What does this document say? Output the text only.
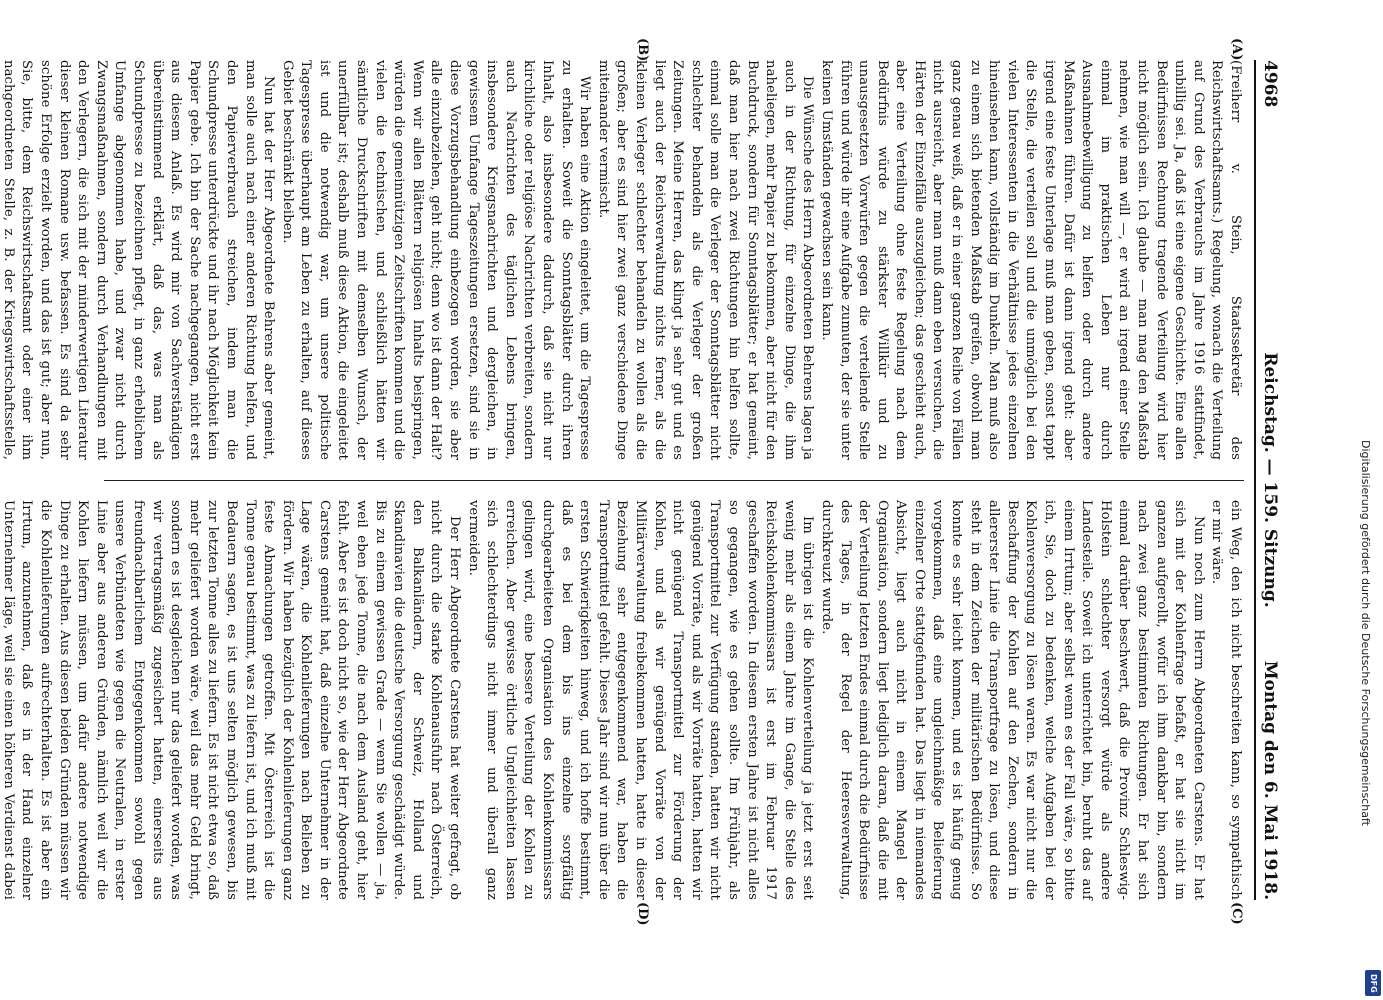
4968
Reichstag. — 159. Sitzung.
Montag den 6. Mai 1918.
(A)
(B)

(Freiherr v. Stein, Staatssekretär des Reichswirtschaftsamts.) Regelung, wonach die Verteilung auf Grund des Verbrauchs im Jahre 1916 stattfindet, unbillig sei. Ja, daß ist eine eigene Geschichte. Eine allen Bedürfnissen Rechnung tragende Verteilung wird hier nicht möglich sein. Ich glaube — man mag den Maßstab nehmen, wie man will —, er wird an irgend einer Stelle einmal im praktischen Leben nur durch Ausnahmebewilligung zu helfen oder durch andere Maßnahmen führen. Dafür ist dann irgend geht: aber irgend eine feste Unterlage muß man geben, sonst tappt die Stelle, die verteilen soll und die unmöglich bei den vielen Interessenten in die Verhältnisse jedes einzelnen hineinsehen kann, vollständig im Dunkeln. Man muß also zu einem sich bietenden Maßstab greifen, obwohl man ganz genau weiß, daß er in einer ganzen Reihe von Fällen nicht ausreicht, aber man muß dann eben versuchen, die Härten der Einzelfälle auszugleichen; das geschieht auch, aber eine Verteilung ohne feste Regelung nach dem Bedürfnis würde zu stärkster Willkür und zu unausgesetzten Vorwürfen gegen die verteilende Stelle führen und würde ihr eine Aufgabe zumuten, der sie unter keinen Umständen gewachsen sein kann.

Die Wünsche des Herrn Abgeordneten Behrens lagen ja auch in der Richtung, für einzelne Dinge, die ihm naheliegen, mehr Papier zu bekommen, aber nicht für den Buchdruck, sondern für Sonntagsblätter; er hat gemeint, daß man hier nach zwei Richtungen hin helfen sollte, einmal solle man die Verleger der Sonntagsblätter nicht schlechter behandeln als die Verleger der großen Zeitungen. Meine Herren, das klingt ja sehr gut und es liegt auch der Reichsverwaltung nichts ferner, als die kleinen Verleger schlechter behandeln zu wollen als die großen; aber es sind hier zwei ganz verschiedene Dinge miteinander vermischt.

Wir haben eine Aktion eingeleitet, um die Tagespresse zu erhalten. Soweit die Sonntagsblätter durch ihren Inhalt, also insbesondere dadurch, daß sie nicht nur kirchliche oder religiöse Nachrichten verbreiten, sondern auch Nachrichten des täglichen Lebens bringen, insbesondere Kriegsnachrichten und dergleichen, in gewissem Umfange Tageszeitungen ersetzen, sind sie in diese Vorzugsbehandlung einbezogen worden, sie aber alle einzubeziehen, geht nicht; denn wo ist dann der Halt? Wenn wir allen Blättern religiösen Inhalts beispringen, würden die gemeinnützigen Zeitschriften kommen und die vielen die technischen, und schließlich hätten wir sämtliche Druckschriften mit demselben Wunsch, der unerfüllbar ist; deshalb muß diese Aktion, die eingeleitet ist und die notwendig war, um unsere politische Tagespresse überhaupt am Leben zu erhalten, auf dieses Gebiet beschränkt bleiben.

Nun hat der Herr Abgeordnete Behrens aber gemeint, man solle auch nach einer anderen Richtung helfen, und den Papierverbrauch streichen, indem man die Schundpresse unterdrückte und ihr nach Möglichkeit kein Papier gebe. Ich bin der Sache nachgegangen, nicht erst aus diesem Anlaß. Es wird mir von Sachverständigen übereinstimmend erklärt, daß das, was man als Schundpresse zu bezeichnen pflegt, in ganz erheblichem Umfange abgenommen habe, und zwar nicht durch Zwangsmaßnahmen, sondern durch Verhandlungen mit den Verlegern, die sich mit der minderwertigen Literatur dieser kleinen Romane usw. befassen. Es sind da sehr schöne Erfolge erzielt worden, und das ist gut; aber nun, Sie, bitte, dem Reichswirtschaftsamt oder einer ihm nachgeordneten Stelle, z. B. der Kriegswirtschaftsstelle,

(C)
(D)

ein Weg, den ich nicht beschreiten kann, so sympathisch er mir wäre.

Nun noch zum Herrn Abgeordneten Carstens. Er hat sich mit der Kohlenfrage befaßt, er hat sie nicht im ganzen aufgerollt, wofür ich ihm dankbar bin, sondern nach zwei ganz bestimmten Richtungen. Er hat sich einmal darüber beschwert, daß die Provinz Schleswig-Holstein schlechter versorgt würde als andere Landesteile. Soweit ich unterrichtet bin, beruht das auf einem Irrtum; aber selbst wenn es der Fall wäre, so bitte ich, Sie, doch zu bedenken, welche Aufgaben bei der Kohlenversorgung zu lösen waren. Es war nicht nur die Beschaffung der Kohlen auf den Zechen, sondern in allererster Linie die Transportfrage zu lösen, und diese steht in dem Zeichen der militärischen Bedürfnisse. So konnte es sehr leicht kommen, und es ist häufig genug vorgekommen, daß eine ungleichmäßige Belieferung einzelner Orte stattgefunden hat. Das liegt in niemandes Absicht, liegt auch nicht in einem Mangel der Organisation, sondern liegt lediglich daran, daß die mit der Verteilung letzten Endes einmal durch die Bedürfnisse des Tages, in der Regel der Heeresverwaltung, durchkreuzt wurde.

Im übrigen ist die Kohlenverteilung ja jetzt erst seit wenig mehr als einem Jahre im Gange, die Stelle des Reichskohlenkommissars ist erst im Februar 1917 geschaffen worden. In diesem ersten Jahre ist nicht alles so gegangen, wie es gehen sollte. Im Frühjahr, als Transportmittel zur Verfügung standen, hatten wir nicht genügend Vorräte, und als wir Vorräte hatten, hatten wir nicht genügend Transportmittel zur Förderung der Kohlen, und als wir genügend Vorräte von der Militärverwaltung freibekommen hatten, hatte in dieser Beziehung sehr entgegenkommend war, haben die Transportmittel gefehlt. Dieses Jahr sind wir nun über die ersten Schwierigkeiten hinweg, und ich hoffe bestimmt, daß es bei dem bis ins einzelne sorgfältig durchgearbeiteten Organisation des Kohlenkommissars gelingen wird, eine bessere Verteilung der Kohlen zu erreichen. Aber gewisse örtliche Ungleichheiten lassen sich schlechterdings nicht immer und überall ganz vermeiden.

Der Herr Abgeordnete Carstens hat weiter gefragt, ob nicht durch die starke Kohlenausfuhr nach Österreich, den Balkanländern, der Schweiz, Holland und Skandinavien die deutsche Versorgung geschädigt würde. Bis zu einem gewissen Grade — wenn Sie wollen — ja, weil eben jede Tonne, die nach dem Ausland geht, hier fehlt. Aber es ist doch nicht so, wie der Herr Abgeordnete Carstens gemeint hat, daß einzelne Unternehmer in der Lage wären, die Kohlenlieferungen nach Belieben zu fördern. Wir haben bezüglich der Kohlenlieferungen ganz feste Abmachungen getroffen. Mit Österreich ist die Tonne genau bestimmt, was zu liefern ist, und ich muß mit Bedauern sagen, es ist uns selten möglich gewesen, bis zur letzten Tonne alles zu liefern. Es ist nicht etwa so, daß mehr geliefert worden wäre, weil das mehr Geld bringt, sondern es ist desgleichen nur das geliefert worden, was wir vertragsmäßig zugesichert hatten, einerseits aus freundnachbarlichem Entgegenkommen sowohl gegen unsere Verbündeten wie gegen die Neutralen, in erster Linie aber aus anderen Gründen, nämlich weil wir die Kohlen liefern müssen, um dafür andere notwendige Dinge zu erhalten. Aus diesen beiden Gründen müssen wir die Kohlenlieferungen aufrechterhalten. Es ist aber ein Irrtum, anzunehmen, daß es in der Hand einzelner Unternehmer läge, weil sie einen höheren Verdienst dabei

Digitalisierung gefördert durch die Deutsche Forschungsgemeinschaft
DFG
